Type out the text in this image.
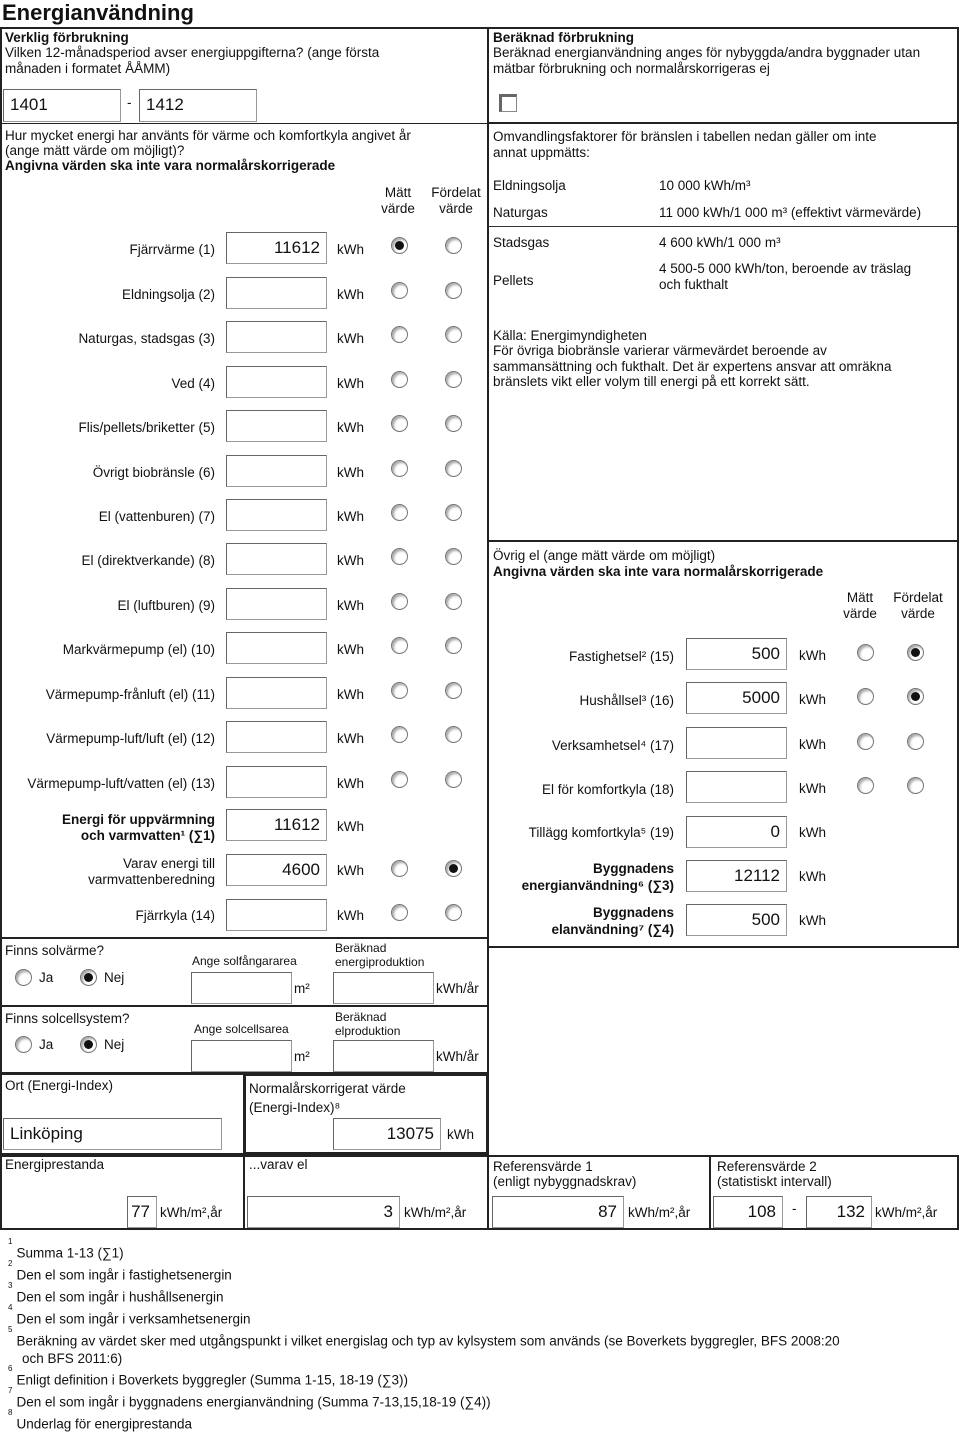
Energianvändning
Verklig förbrukning
Vilken 12-månadsperiod avser energiuppgifterna? (ange första månaden i formatet ÅÅMM)
1401	- 1412
Hur mycket energi har använts för värme och komfortkyla angivet år (ange mätt värde om möjligt)?
Angivna värden ska inte vara normalårskorrigerade
Mätt värde
Fördelat värde
Fjärrvärme (1)	11612	kWh
Eldningsolja (2)	kWh
Naturgas, stadsgas (3)	kWh
Ved (4)	kWh
Flis/pellets/briketter (5)	kWh
Övrigt biobränsle (6)	kWh
El (vattenburen) (7)	kWh
El (direktverkande) (8)	kWh
El (luftburen) (9)	kWh
Markvärmepump (el) (10)	kWh
Värmepump-frånluft (el) (11)	kWh
Värmepump-luft/luft (el) (12)	kWh
Värmepump-luft/vatten (el) (13)	kWh
Energi för uppvärmning
och varmvatten¹ (∑1)
11612	kWh
Varav energi till
varmvattenberedning
4600	kWh
Fjärrkyla (14)	kWh
Finns solvärme?
Ja	Nej
Ange solfångararea
m²
Beräknad energiproduktion
kWh/år
Finns solcellsystem?
Ja	Nej
Ange solcellsarea
m²
Beräknad elproduktion
kWh/år
Ort (Energi-Index)
Linköping
Normalårskorrigerat värde
(Energi-Index)⁸
13075 kWh
Energiprestanda
77 kWh/m²,år
...varav el
3 kWh/m²,år
Referensvärde 1
(enligt nybyggnadskrav)
87 kWh/m²,år
Referensvärde 2
(statistiskt intervall)
108	-	132 kWh/m²,år
Beräknad förbrukning
Beräknad energianvändning anges för nybyggda/andra byggnader utan mätbar förbrukning och normalårskorrigeras ej
Omvandlingsfaktorer för bränslen i tabellen nedan gäller om inte annat uppmätts:
Eldningsolja	10 000 kWh/m³
Naturgas	11 000 kWh/1 000 m³ (effektivt värmevärde)
Stadsgas	4 600 kWh/1 000 m³
Pellets
4 500-5 000 kWh/ton, beroende av träslag och fukthalt
Källa: Energimyndigheten
För övriga biobränsle varierar värmevärdet beroende av sammansättning och fukthalt. Det är expertens ansvar att omräkna bränslets vikt eller volym till energi på ett korrekt sätt.
Övrig el (ange mätt värde om möjligt)
Angivna värden ska inte vara normalårskorrigerade
Mätt värde
Fördelat värde
Fastighetsel² (15)	500	kWh
Hushållsel³ (16)	5000	kWh
Verksamhetsel⁴ (17)	kWh
El för komfortkyla (18)	kWh
Tillägg komfortkyla⁵ (19)	0	kWh
Byggnadens
energianvändning⁶ (∑3)
12112	kWh
Byggnadens
elanvändning⁷ (∑4)
500	kWh
$^1$Summa 1-13 (∑1)
$^2$Den el som ingår i fastighetsenergin
$^3$Den el som ingår i hushållsenergin
$^4$Den el som ingår i verksamhetsenergin
$^5$Beräkning av värdet sker med utgångspunkt i vilket energislag och typ av kylsystem som används (se Boverkets byggregler, BFS 2008:20
och BFS 2011:6)
$^6$Enligt definition i Boverkets byggregler (Summa 1-15, 18-19 (∑3))
$^7$Den el som ingår i byggnadens energianvändning (Summa 7-13,15,18-19 (∑4))
$^8$Underlag för energiprestanda
